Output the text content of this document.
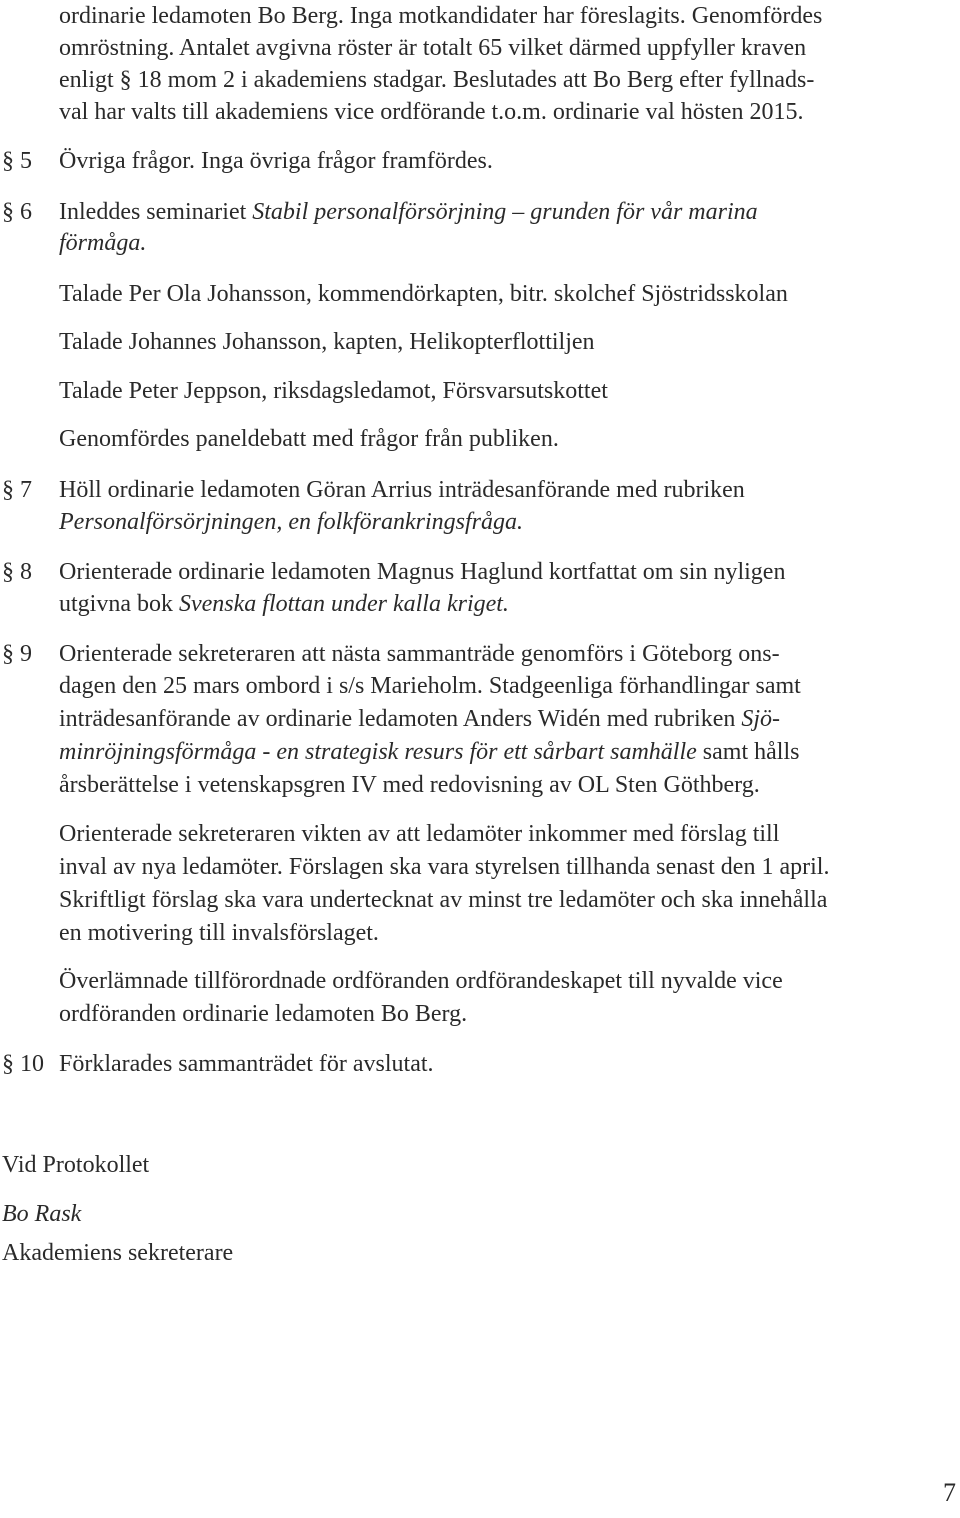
ordinarie ledamoten Bo Berg. Inga motkandidater har föreslagits. Genomfördes
omröstning. Antalet avgivna röster är totalt 65 vilket därmed uppfyller kraven
enligt § 18 mom 2 i akademiens stadgar. Beslutades att Bo Berg efter fyllnads-
val har valts till akademiens vice ordförande t.o.m. ordinarie val hösten 2015.
§ 5 Övriga frågor. Inga övriga frågor framfördes.
§ 6 Inleddes seminariet Stabil personalförsörjning – grunden för vår marina
förmåga.
Talade Per Ola Johansson, kommendörkapten, bitr. skolchef Sjöstridsskolan
Talade Johannes Johansson, kapten, Helikopterflottiljen
Talade Peter Jeppson, riksdagsledamot, Försvarsutskottet
Genomfördes paneldebatt med frågor från publiken.
§ 7 Höll ordinarie ledamoten Göran Arrius inträdesanförande med rubriken
Personalförsörjningen, en folkförankringsfråga.
§ 8 Orienterade ordinarie ledamoten Magnus Haglund kortfattat om sin nyligen
utgivna bok Svenska flottan under kalla kriget.
§ 9 Orienterade sekreteraren att nästa sammanträde genomförs i Göteborg ons-
dagen den 25 mars ombord i s/s Marieholm. Stadgeenliga förhandlingar samt
inträdesanförande av ordinarie ledamoten Anders Widén med rubriken Sjö-
minröjningsförmåga - en strategisk resurs för ett sårbart samhälle samt hålls
årsberättelse i vetenskapsgren IV med redovisning av OL Sten Göthberg.
Orienterade sekreteraren vikten av att ledamöter inkommer med förslag till
inval av nya ledamöter. Förslagen ska vara styrelsen tillhanda senast den 1 april.
Skriftligt förslag ska vara undertecknat av minst tre ledamöter och ska innehålla
en motivering till invalsförslaget.
Överlämnade tillförordnade ordföranden ordförandeskapet till nyvalde vice
ordföranden ordinarie ledamoten Bo Berg.
§ 10 Förklarades sammanträdet för avslutat.
Vid Protokollet
Bo Rask
Akademiens sekreterare
7
